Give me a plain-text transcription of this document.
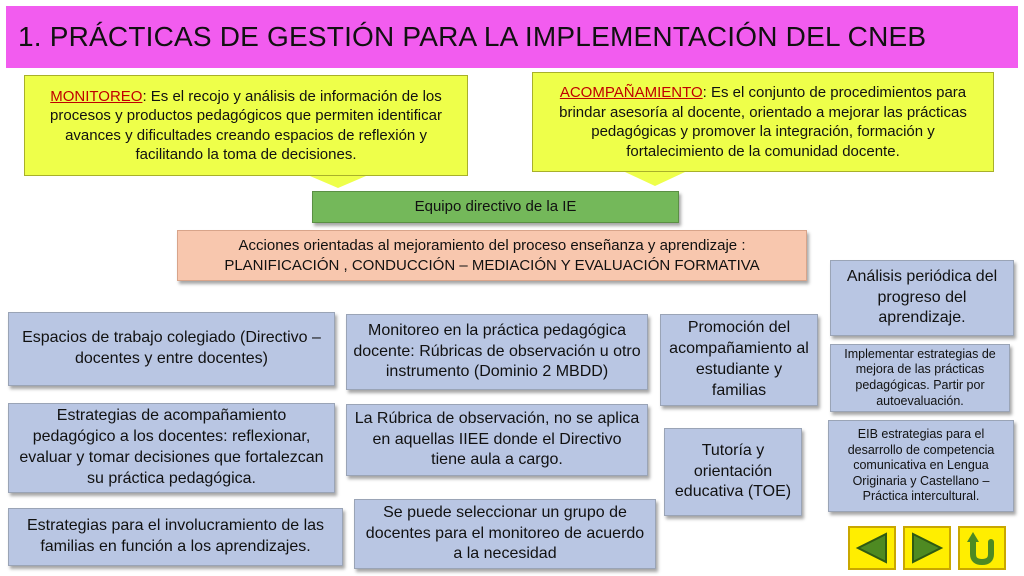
1. PRÁCTICAS DE GESTIÓN PARA LA IMPLEMENTACIÓN DEL CNEB
MONITOREO: Es el recojo y análisis de información de los procesos y productos pedagógicos que permiten identificar avances y dificultades creando espacios de reflexión y facilitando la toma de decisiones.
ACOMPAÑAMIENTO: Es el conjunto de procedimientos para brindar asesoría al docente, orientado a mejorar las prácticas pedagógicas y promover la integración, formación y fortalecimiento de la comunidad docente.
Equipo directivo de la IE
Acciones orientadas al mejoramiento del proceso enseñanza y aprendizaje :
PLANIFICACIÓN , CONDUCCIÓN – MEDIACIÓN Y EVALUACIÓN FORMATIVA
Espacios de trabajo colegiado (Directivo – docentes y entre docentes)
Estrategias de acompañamiento pedagógico a los docentes: reflexionar, evaluar y tomar decisiones que fortalezcan su práctica pedagógica.
Estrategias para el involucramiento de las familias en función a los aprendizajes.
Monitoreo en la práctica pedagógica docente: Rúbricas de observación u otro instrumento (Dominio 2 MBDD)
La Rúbrica de observación, no se aplica en aquellas IIEE donde el Directivo tiene aula a cargo.
Se puede seleccionar un grupo de docentes para el monitoreo de acuerdo a la necesidad
Promoción del acompañamiento al estudiante y familias
Tutoría y orientación educativa (TOE)
Análisis periódica del progreso del aprendizaje.
Implementar estrategias de mejora de las prácticas pedagógicas. Partir por autoevaluación.
EIB estrategias para el desarrollo de competencia comunicativa en Lengua Originaria y Castellano – Práctica intercultural.
